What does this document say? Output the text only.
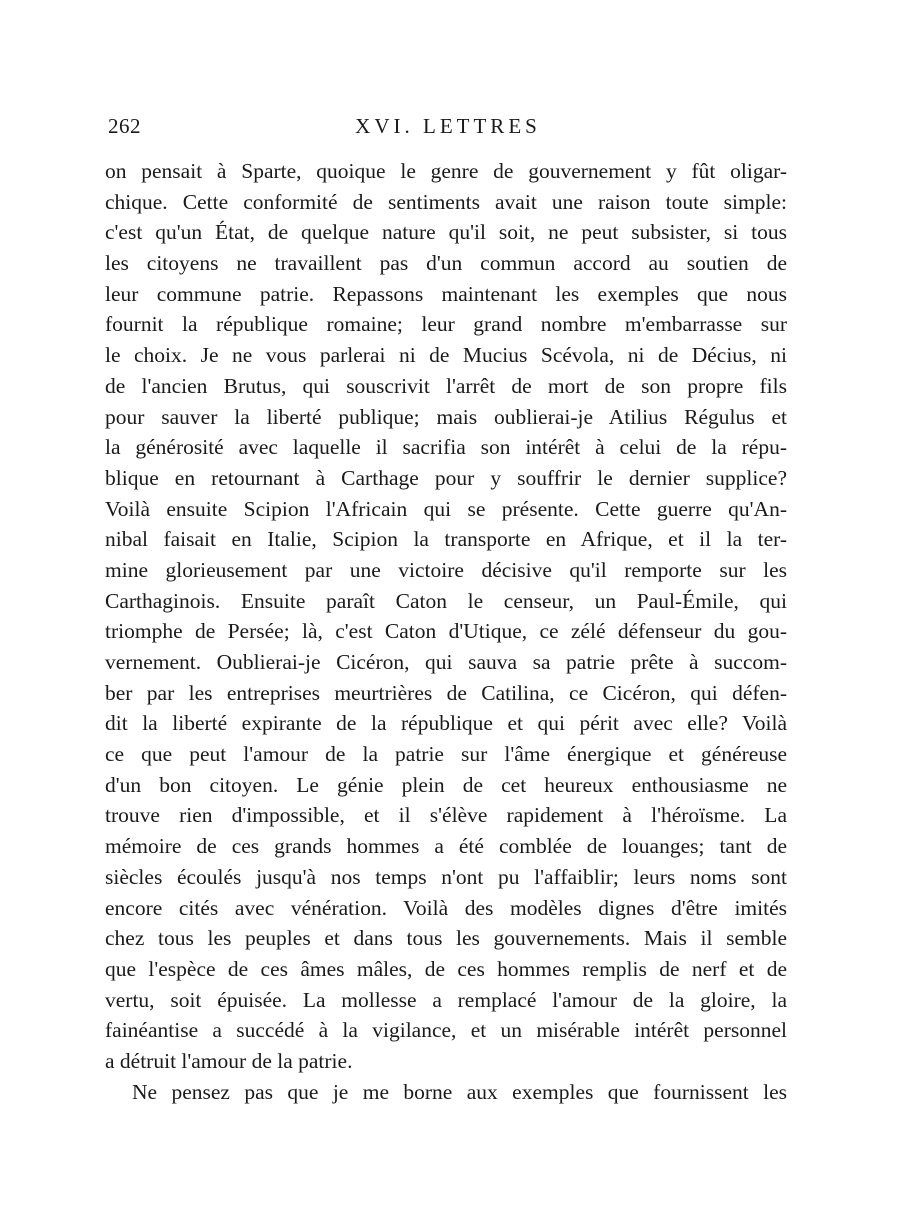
262	XVI. LETTRES
on pensait à Sparte, quoique le genre de gouvernement y fût oligar-
chique. Cette conformité de sentiments avait une raison toute simple:
c'est qu'un État, de quelque nature qu'il soit, ne peut subsister, si tous
les citoyens ne travaillent pas d'un commun accord au soutien de
leur commune patrie. Repassons maintenant les exemples que nous
fournit la république romaine; leur grand nombre m'embarrasse sur
le choix. Je ne vous parlerai ni de Mucius Scévola, ni de Décius, ni
de l'ancien Brutus, qui souscrivit l'arrêt de mort de son propre fils
pour sauver la liberté publique; mais oublierai-je Atilius Régulus et
la générosité avec laquelle il sacrifia son intérêt à celui de la répu-
blique en retournant à Carthage pour y souffrir le dernier supplice?
Voilà ensuite Scipion l'Africain qui se présente. Cette guerre qu'An-
nibal faisait en Italie, Scipion la transporte en Afrique, et il la ter-
mine glorieusement par une victoire décisive qu'il remporte sur les
Carthaginois. Ensuite paraît Caton le censeur, un Paul-Émile, qui
triomphe de Persée; là, c'est Caton d'Utique, ce zélé défenseur du gou-
vernement. Oublierai-je Cicéron, qui sauva sa patrie prête à succom-
ber par les entreprises meurtrières de Catilina, ce Cicéron, qui défen-
dit la liberté expirante de la république et qui périt avec elle? Voilà
ce que peut l'amour de la patrie sur l'âme énergique et généreuse
d'un bon citoyen. Le génie plein de cet heureux enthousiasme ne
trouve rien d'impossible, et il s'élève rapidement à l'héroïsme. La
mémoire de ces grands hommes a été comblée de louanges; tant de
siècles écoulés jusqu'à nos temps n'ont pu l'affaiblir; leurs noms sont
encore cités avec vénération. Voilà des modèles dignes d'être imités
chez tous les peuples et dans tous les gouvernements. Mais il semble
que l'espèce de ces âmes mâles, de ces hommes remplis de nerf et de
vertu, soit épuisée. La mollesse a remplacé l'amour de la gloire, la
fainéantise a succédé à la vigilance, et un misérable intérêt personnel
a détruit l'amour de la patrie.
Ne pensez pas que je me borne aux exemples que fournissent les
